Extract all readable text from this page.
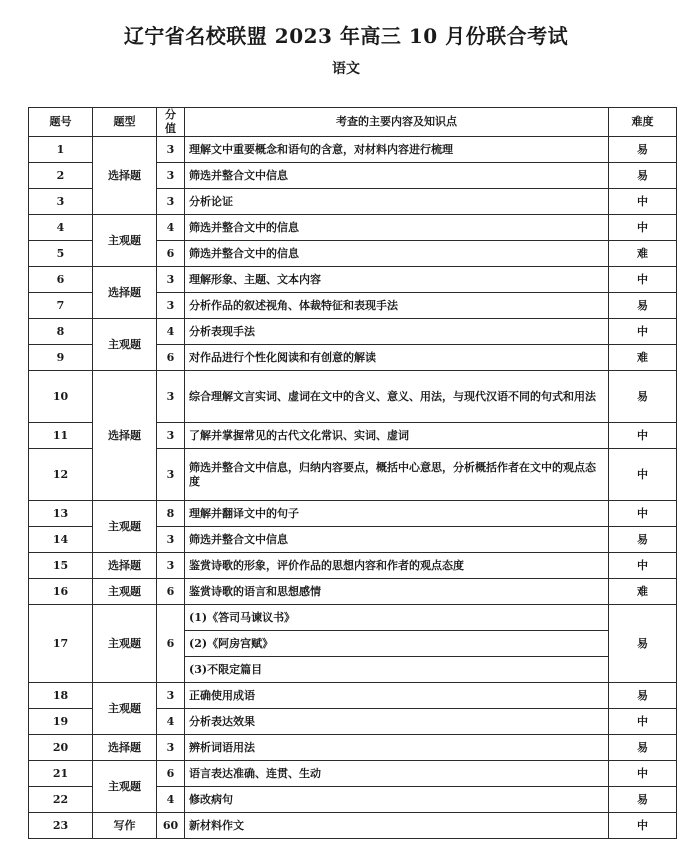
辽宁省名校联盟 2023 年高三 10 月份联合考试
语文
题号	题型	分值	考查的主要内容及知识点	难度
1	选择题	3	理解文中重要概念和语句的含意，对材料内容进行梳理	易
2		3	筛选并整合文中信息	易
3		3	分析论证	中
4	主观题	4	筛选并整合文中的信息	中
5		6	筛选并整合文中的信息	难
6	选择题	3	理解形象、主题、文本内容	中
7		3	分析作品的叙述视角、体裁特征和表现手法	易
8	主观题	4	分析表现手法	中
9		6	对作品进行个性化阅读和有创意的解读	难
10	选择题	3	综合理解文言实词、虚词在文中的含义、意义、用法，与现代汉语不同的句式和用法	易
11		3	了解并掌握常见的古代文化常识、实词、虚词	中
12		3	筛选并整合文中信息，归纳内容要点，概括中心意思，分析概括作者在文中的观点态度	中
13	主观题	8	理解并翻译文中的句子	中
14		3	筛选并整合文中信息	易
15	选择题	3	鉴赏诗歌的形象，评价作品的思想内容和作者的观点态度	中
16	主观题	6	鉴赏诗歌的语言和思想感情	难
17	主观题	6	(1)《答司马谏议书》	易
			(2)《阿房宫赋》	
			(3)不限定篇目	
18	主观题	3	正确使用成语	易
19		4	分析表达效果	中
20	选择题	3	辨析词语用法	易
21	主观题	6	语言表达准确、连贯、生动	中
22		4	修改病句	易
23	写作	60	新材料作文	中
